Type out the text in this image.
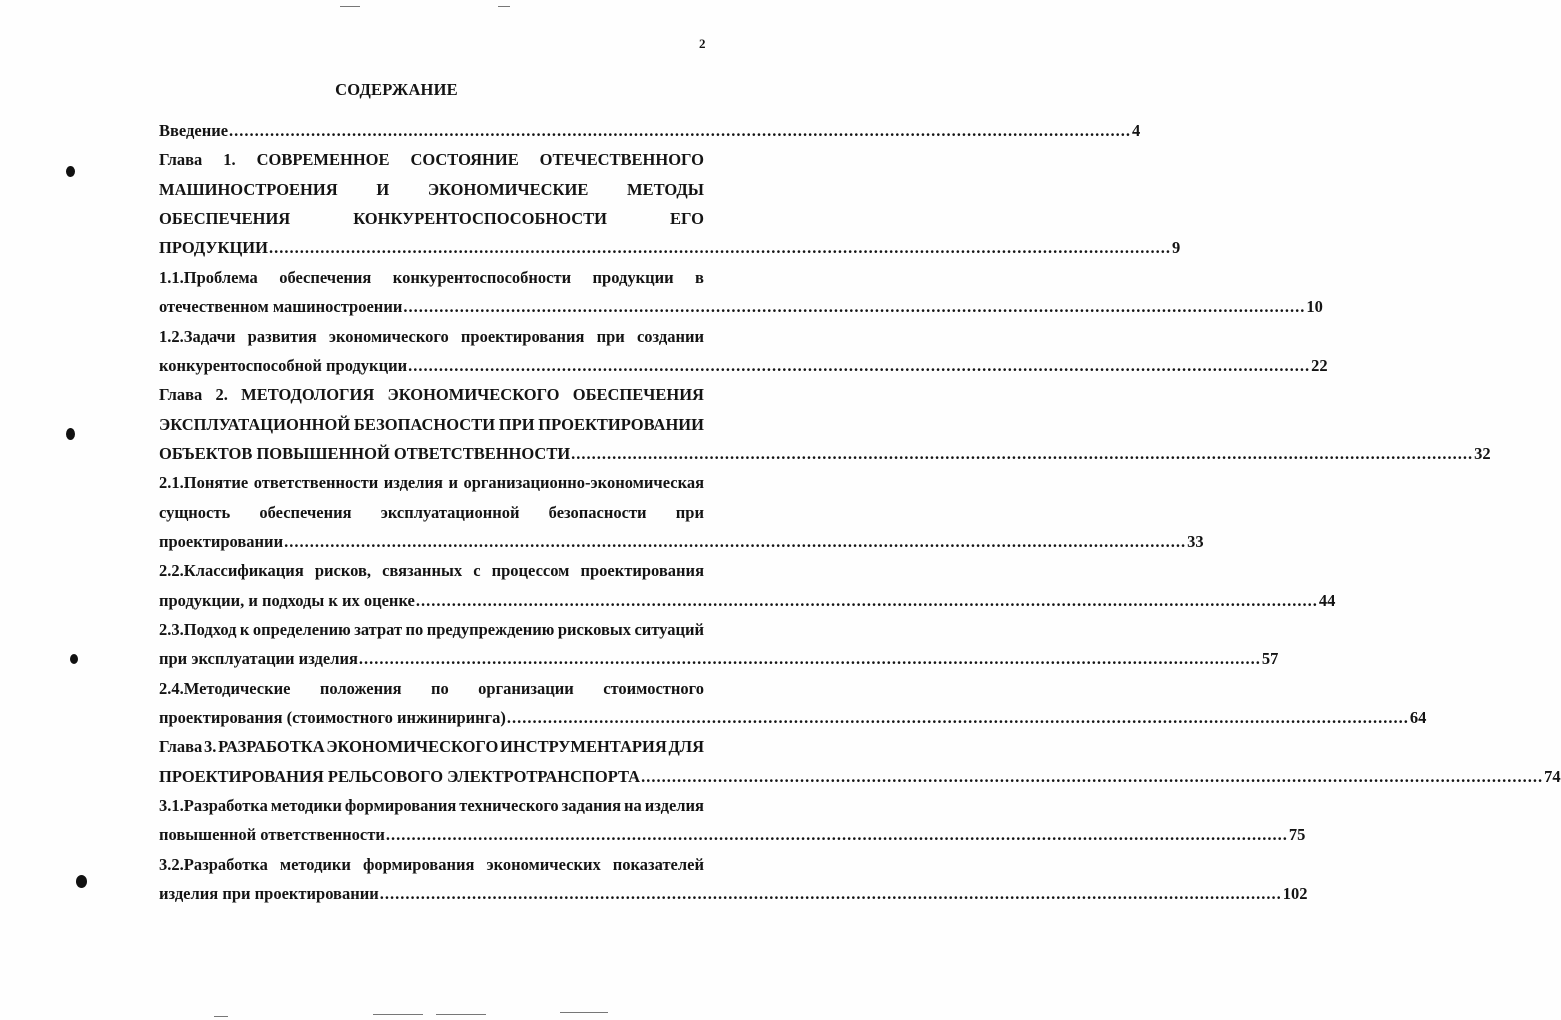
2
СОДЕРЖАНИЕ
Введение ................................................................................................................................................................................ 4
Глава 1. СОВРЕМЕННОЕ СОСТОЯНИЕ ОТЕЧЕСТВЕННОГО
МАШИНОСТРОЕНИЯ И ЭКОНОМИЧЕСКИЕ МЕТОДЫ
ОБЕСПЕЧЕНИЯ	КОНКУРЕНТОСПОСОБНОСТИ	ЕГО
ПРОДУКЦИИ ................................................................................................................................................................................ 9
1.1.Проблема обеспечения конкурентоспособности продукции в
отечественном машиностроении ................................................................................................................................................................................ 10
1.2.Задачи развития экономического проектирования при создании
конкурентоспособной продукции ................................................................................................................................................................................ 22
Глава 2. МЕТОДОЛОГИЯ ЭКОНОМИЧЕСКОГО ОБЕСПЕЧЕНИЯ
ЭКСПЛУАТАЦИОННОЙ БЕЗОПАСНОСТИ ПРИ ПРОЕКТИРОВАНИИ
ОБЪЕКТОВ ПОВЫШЕННОЙ ОТВЕТСТВЕННОСТИ ................................................................................................................................................................................ 32
2.1.Понятие ответственности изделия и организационно-экономическая
сущность обеспечения эксплуатационной безопасности при
проектировании ................................................................................................................................................................................ 33
2.2.Классификация рисков, связанных с процессом проектирования
продукции, и подходы к их оценке ................................................................................................................................................................................ 44
2.3.Подход к определению затрат по предупреждению рисковых ситуаций
при эксплуатации изделия ................................................................................................................................................................................ 57
2.4.Методические положения по организации стоимостного
проектирования (стоимостного инжиниринга) ................................................................................................................................................................................ 64
Глава 3. РАЗРАБОТКА ЭКОНОМИЧЕСКОГО ИНСТРУМЕНТАРИЯ ДЛЯ
ПРОЕКТИРОВАНИЯ РЕЛЬСОВОГО ЭЛЕКТРОТРАНСПОРТА ................................................................................................................................................................................ 74
3.1.Разработка методики формирования технического задания на изделия
повышенной ответственности ................................................................................................................................................................................ 75
3.2.Разработка методики формирования экономических показателей
изделия при проектировании ................................................................................................................................................................................ 102
